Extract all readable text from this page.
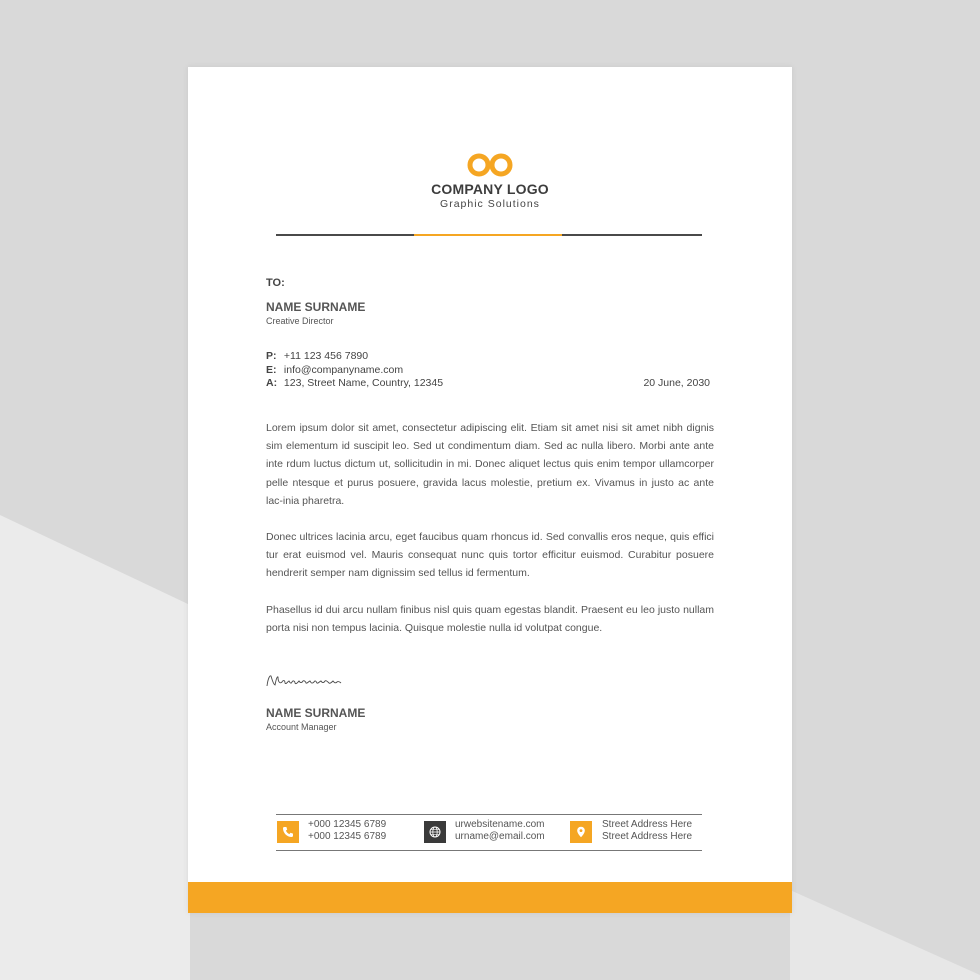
COMPANY LOGO
Graphic Solutions
TO:
NAME SURNAME
Creative Director
P: +11 123 456 7890
E: info@companyname.com
A: 123, Street Name, Country, 12345	20 June, 2030

Lorem ipsum dolor sit amet, consectetur adipiscing elit. Etiam sit amet nisi sit amet nibh dignis sim elementum id suscipit leo. Sed ut condimentum diam. Sed ac nulla libero. Morbi ante ante inte rdum luctus dictum ut, sollicitudin in mi. Donec aliquet lectus quis enim tempor ullamcorper pelle ntesque et purus posuere, gravida lacus molestie, pretium ex. Vivamus in justo ac ante lac-inia pharetra.

Donec ultrices lacinia arcu, eget faucibus quam rhoncus id. Sed convallis eros neque, quis effici tur erat euismod vel. Mauris consequat nunc quis tortor efficitur euismod. Curabitur posuere hendrerit semper nam dignissim sed tellus id fermentum.

Phasellus id dui arcu nullam finibus nisl quis quam egestas blandit. Praesent eu leo justo nullam porta nisi non tempus lacinia. Quisque molestie nulla id volutpat congue.

NAME SURNAME
Account Manager
+000 12345 6789
+000 12345 6789
urwebsitename.com
urname@email.com
Street Address Here
Street Address Here
